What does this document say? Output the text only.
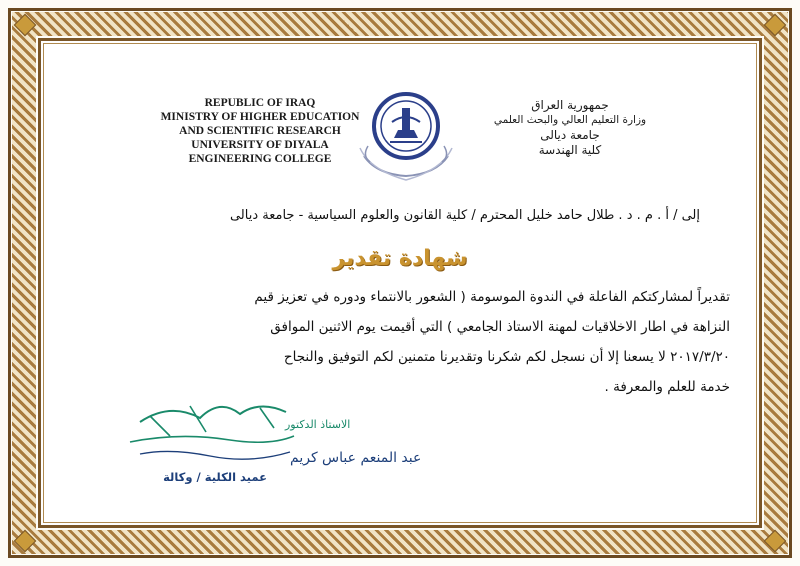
REPUBLIC OF IRAQ
MINISTRY OF HIGHER EDUCATION
AND SCIENTIFIC RESEARCH
UNIVERSITY OF DIYALA
ENGINEERING COLLEGE
جمهورية العراق
وزارة التعليم العالي والبحث العلمي
جامعة ديالى
كلية الهندسة
إلى / أ . م . د . طلال حامد خليل المحترم / كلية القانون والعلوم السياسية - جامعة ديالى
شهادة تقدير
تقديراً لمشاركتكم الفاعلة في الندوة الموسومة ( الشعور بالانتماء ودوره في تعزيز قيم
النزاهة في اطار الاخلاقيات لمهنة الاستاذ الجامعي ) التي أقيمت يوم الاثنين الموافق
٢٠١٧/٣/٢٠ لا يسعنا إلا أن نسجل لكم شكرنا وتقديرنا متمنين لكم التوفيق والنجاح
خدمة للعلم والمعرفة .
الاستاذ الدكتور
عبد المنعم عباس كريم
عميد الكلية / وكالة
